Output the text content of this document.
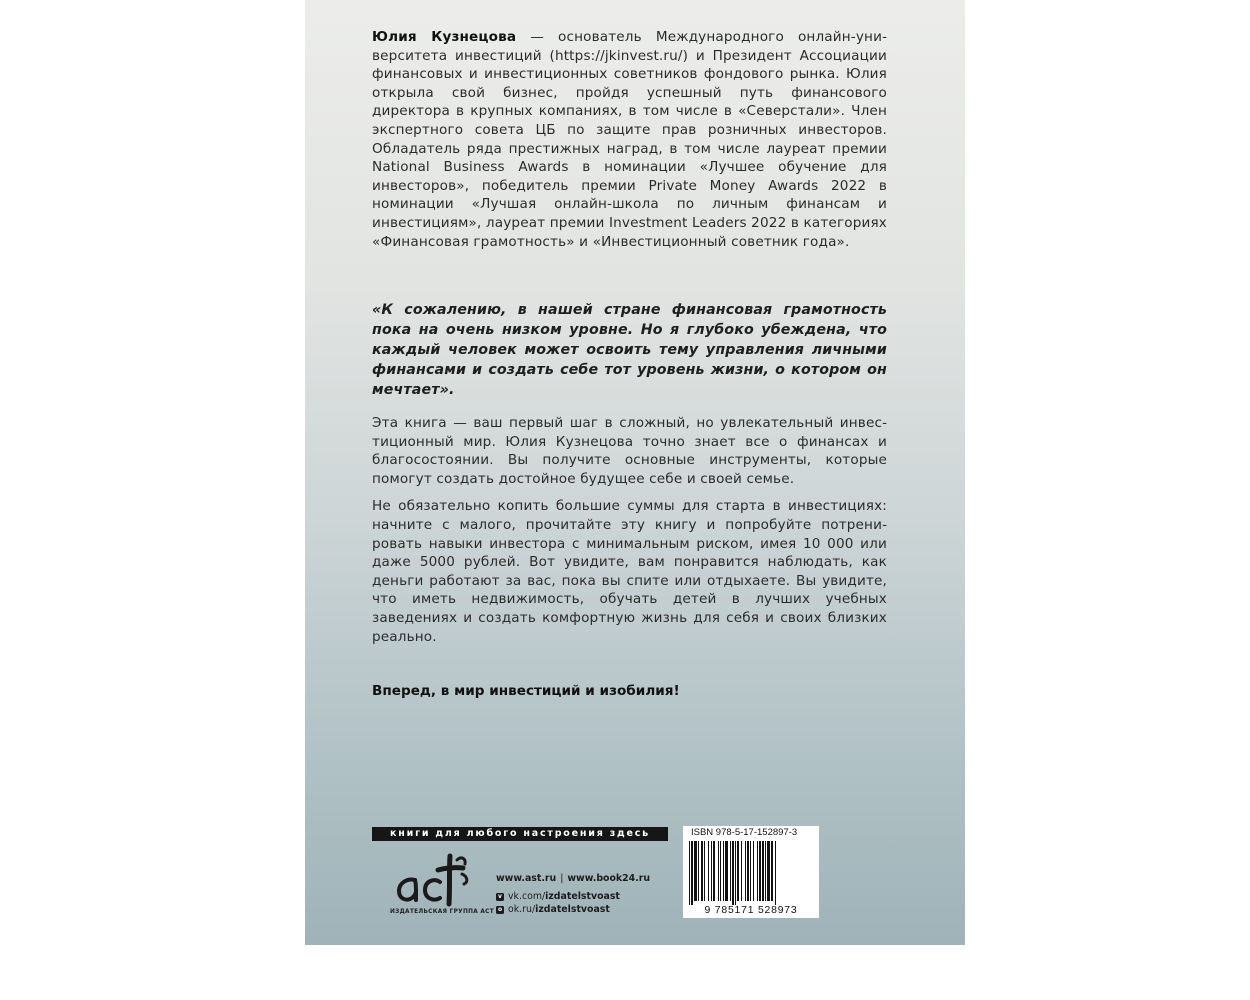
Юлия Кузнецова — основатель Международного онлайн-университета инвестиций (https://jkinvest.ru/) и Президент Ассоциации финансовых и инвестиционных советников фондового рынка. Юлия открыла свой бизнес, пройдя успешный путь финансового директора в крупных компаниях, в том числе в «Северстали». Член экспертного совета ЦБ по защите прав розничных инвесторов. Обладатель ряда престижных наград, в том числе лауреат премии National Business Awards в номинации «Лучшее обучение для инвесторов», победитель премии Private Money Awards 2022 в номинации «Лучшая онлайн-школа по личным финансам и инвестициям», лауреат премии Investment Leaders 2022 в категориях «Финансовая грамотность» и «Инвестиционный советник года».

«К сожалению, в нашей стране финансовая грамотность пока на очень низком уровне. Но я глубоко убеждена, что каждый человек может освоить тему управления личными финансами и создать себе тот уровень жизни, о котором он мечтает».

Эта книга — ваш первый шаг в сложный, но увлекательный инвестиционный мир. Юлия Кузнецова точно знает все о финансах и благосостоянии. Вы получите основные инструменты, которые помогут создать достойное будущее себе и своей семье.

Не обязательно копить большие суммы для старта в инвестициях: начните с малого, прочитайте эту книгу и попробуйте потренировать навыки инвестора с минимальным риском, имея 10 000 или даже 5000 рублей. Вот увидите, вам понравится наблюдать, как деньги работают за вас, пока вы спите или отдыхаете. Вы увидите, что иметь недвижимость, обучать детей в лучших учебных заведениях и создать комфортную жизнь для себя и своих близких реально.

Вперед, в мир инвестиций и изобилия!
книги для любого настроения здесь
ИЗДАТЕЛЬСКАЯ ГРУППА АСТ
www.ast.ru | www.book24.ru
v vk.com/ izdatelstvoast
o ok.ru/ izdatelstvoast
ISBN 978-5-17-152897-3
9 785171 528973
